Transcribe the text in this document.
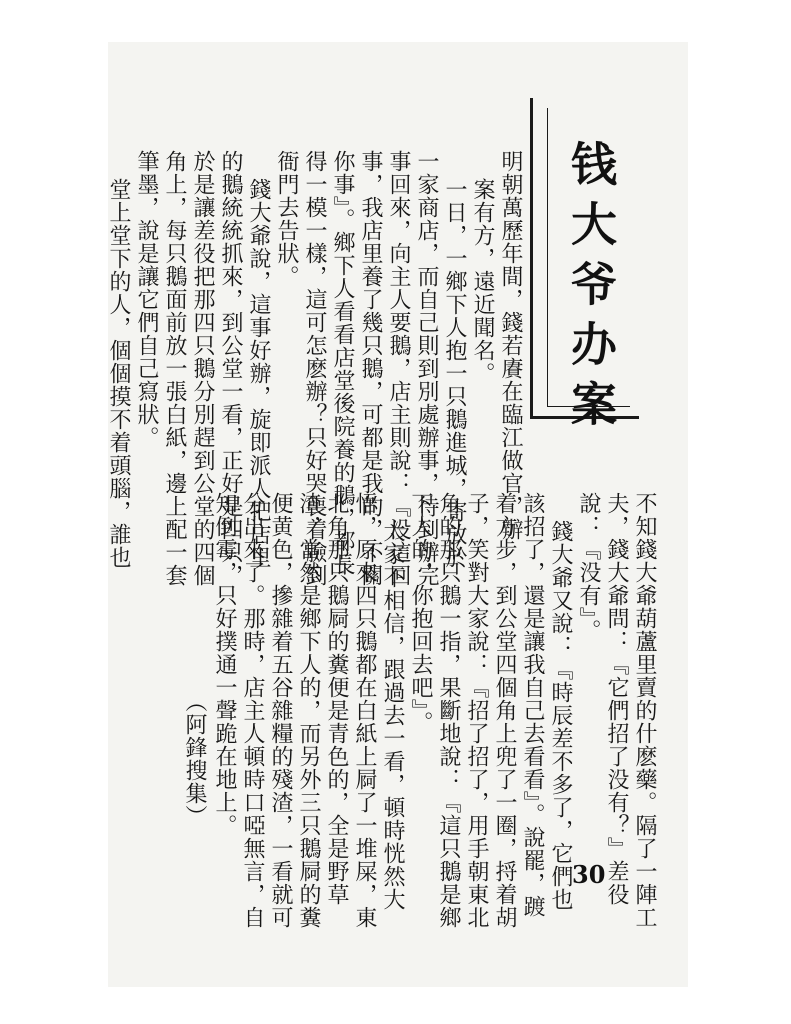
钱大爷办案
明朝萬歷年間，錢若賡在臨江做官，辦
案有方，遠近聞名。
一日，一鄉下人抱一只鵝進城，寄放於
一家商店，而自己則到別處辦事，待到辦完
事回來，向主人要鵝，店主則說：『没這回
事，我店里養了幾只鵝，可都是我的，不關
你事』。鄉下人看看店堂後院養的鵝，都長
得一模一樣，這可怎麽辦？只好哭喪着臉到
衙門去告狀。
錢大爺說，這事好辦，旋即派人把店里
的鵝統統抓來，到公堂一看，正好是四只，
於是讓差役把那四只鵝分別趕到公堂的四個
角上，每只鵝面前放一張白紙，邊上配一套
筆墨，說是讓它們自己寫狀。
堂上堂下的人，個個摸不着頭腦，誰也
不知錢大爺葫蘆里賣的什麽藥。隔了一陣工
夫，錢大爺問：『它們招了没有？』差役
說：『没有』。
錢大爺又說：『時辰差不多了，它們也
該招了，還是讓我自己去看看』。說罷，踱
着方步，到公堂四個角上兜了一圈，捋着胡
子，笑對大家說：『招了招了，用手朝東北
角的那只鵝一指，果斷地說：『這只鵝是鄉
下人的，你抱回去吧』。
大家不相信，跟過去一看，頓時恍然大
悟，原來四只鵝都在白紙上屙了一堆屎，東
北角那只鵝屙的糞便是青色的，全是野草
渣，當然是鄉下人的，而另外三只鵝屙的糞
便黄色，摻雜着五谷雜糧的殘渣，一看就可
分出來了。那時，店主人頓時口啞無言，自
知倒霉，只好撲通一聲跪在地上。
（阿鋒搜集）
30
